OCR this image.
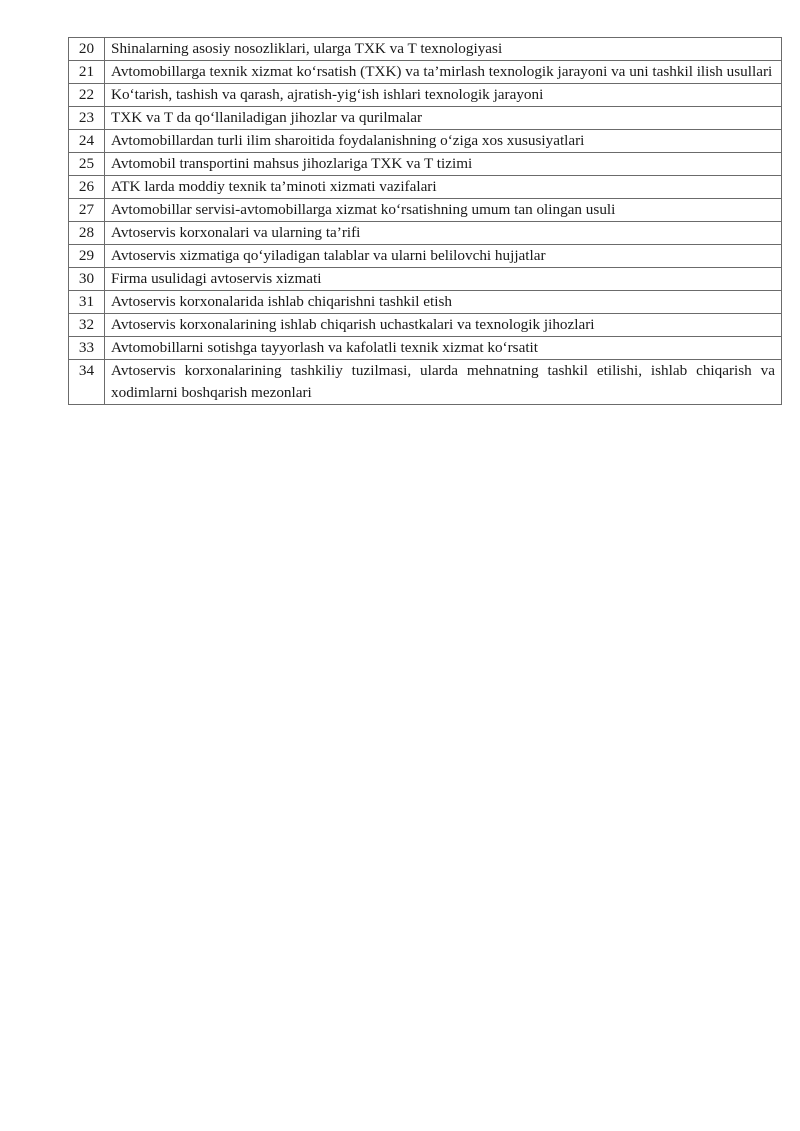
20	Shinalarning asosiy nosozliklari, ularga TXK va T texnologiyasi
21	Avtomobillarga texnik xizmat ko‘rsatish (TXK) va ta’mirlash texnologik jarayoni va uni tashkil ilish usullari
22	Ko‘tarish, tashish va qarash, ajratish-yig‘ish ishlari texnologik jarayoni
23	TXK va T da qo‘llaniladigan jihozlar va qurilmalar
24	Avtomobillardan turli ilim sharoitida foydalanishning o‘ziga xos xususiyatlari
25	Avtomobil transportini mahsus jihozlariga TXK va T tizimi
26	ATK larda moddiy texnik ta’minoti xizmati vazifalari
27	Avtomobillar servisi-avtomobillarga xizmat ko‘rsatishning umum tan olingan usuli
28	Avtoservis korxonalari va ularning ta’rifi
29	Avtoservis xizmatiga qo‘yiladigan talablar va ularni belilovchi hujjatlar
30	Firma usulidagi avtoservis xizmati
31	Avtoservis korxonalarida ishlab chiqarishni tashkil etish
32	Avtoservis korxonalarining ishlab chiqarish uchastkalari va texnologik jihozlari
33	Avtomobillarni sotishga tayyorlash va kafolatli texnik xizmat ko‘rsatit
34	Avtoservis korxonalarining tashkiliy tuzilmasi, ularda mehnatning tashkil etilishi, ishlab chiqarish va xodimlarni boshqarish mezonlari
